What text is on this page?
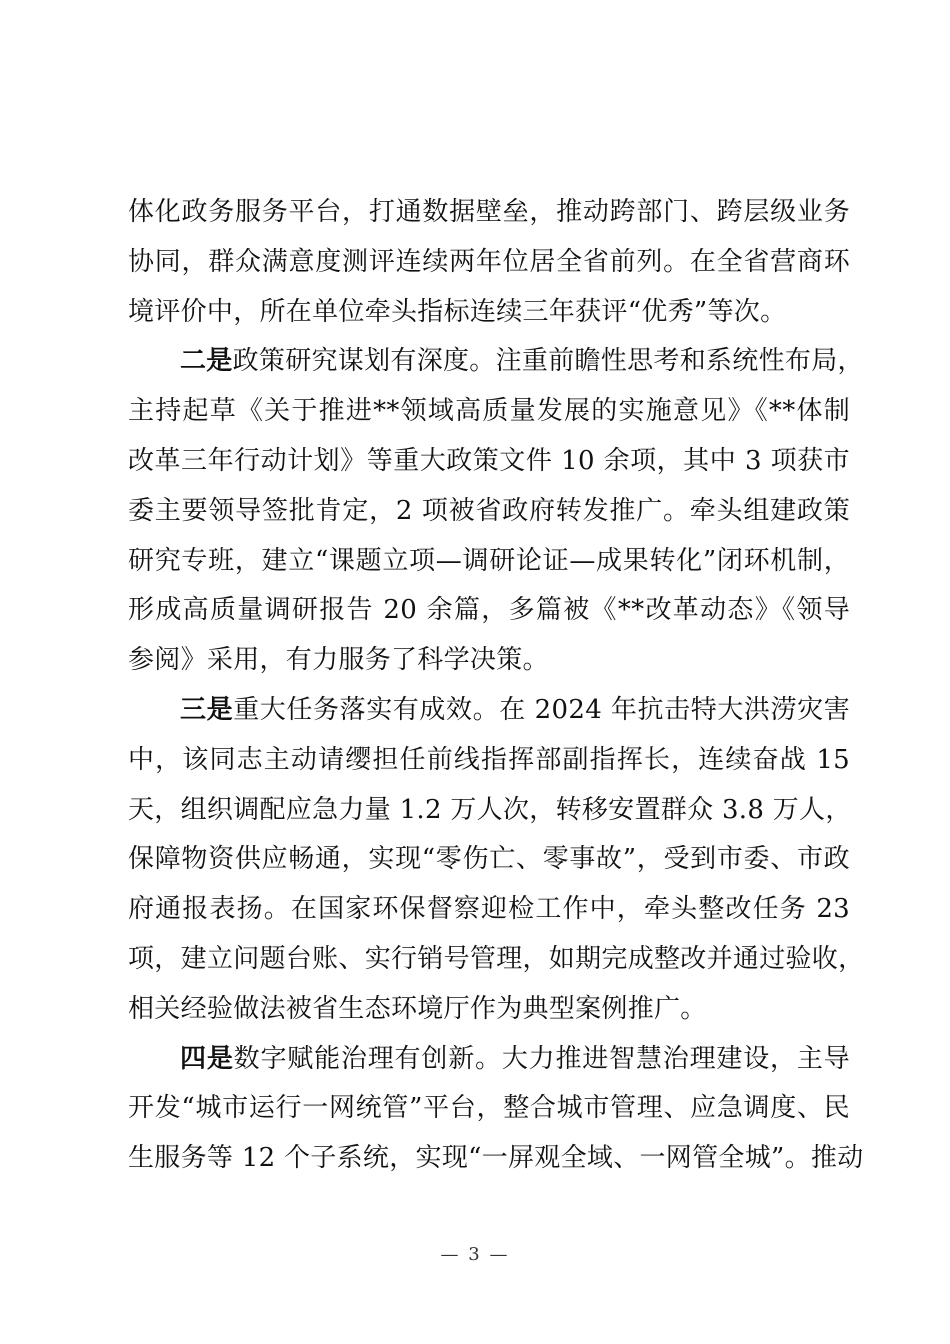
体化政务服务平台，打通数据壁垒，推动跨部门、跨层级业务
协同，群众满意度测评连续两年位居全省前列。在全省营商环
境评价中，所在单位牵头指标连续三年获评“优秀”等次。
二是政策研究谋划有深度。注重前瞻性思考和系统性布局，
主持起草《关于推进**领域高质量发展的实施意见》《**体制
改革三年行动计划》等重大政策文件 10 余项，其中 3 项获市
委主要领导签批肯定，2 项被省政府转发推广。牵头组建政策
研究专班，建立“课题立项—调研论证—成果转化”闭环机制，
形成高质量调研报告 20 余篇，多篇被《**改革动态》《领导
参阅》采用，有力服务了科学决策。
三是重大任务落实有成效。在 2024 年抗击特大洪涝灾害
中，该同志主动请缨担任前线指挥部副指挥长，连续奋战 15
天，组织调配应急力量 1.2 万人次，转移安置群众 3.8 万人，
保障物资供应畅通，实现“零伤亡、零事故”，受到市委、市政
府通报表扬。在国家环保督察迎检工作中，牵头整改任务 23
项，建立问题台账、实行销号管理，如期完成整改并通过验收，
相关经验做法被省生态环境厅作为典型案例推广。
四是数字赋能治理有创新。大力推进智慧治理建设，主导
开发“城市运行一网统管”平台，整合城市管理、应急调度、民
生服务等 12 个子系统，实现“一屏观全域、一网管全城”。推动
— 3 —
